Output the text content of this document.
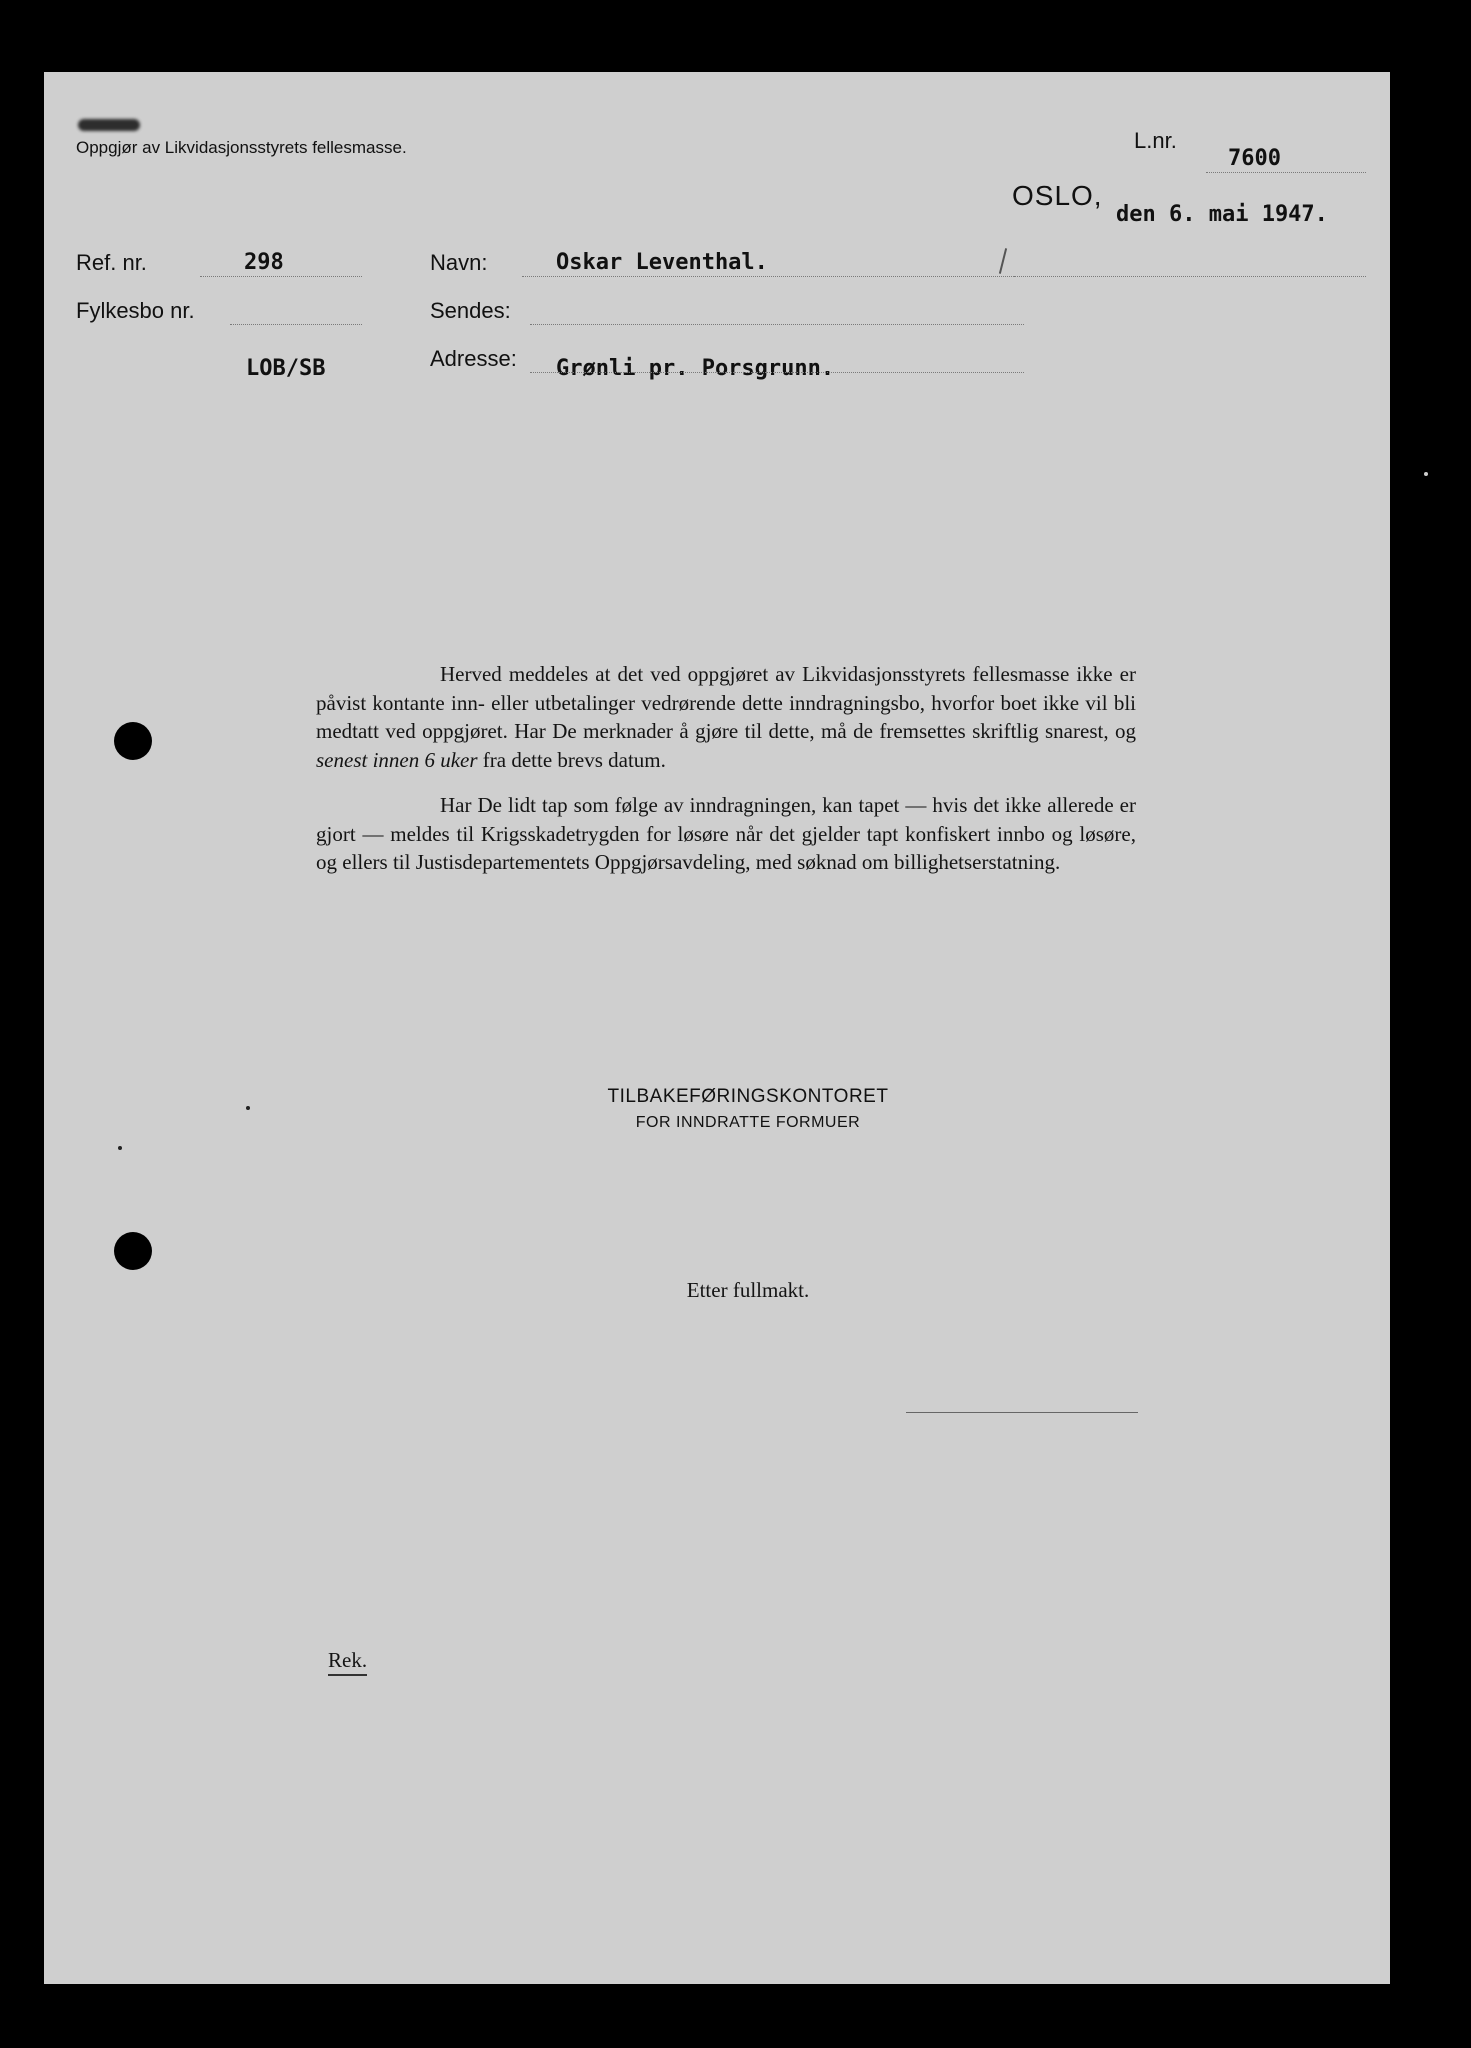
Oppgjør av Likvidasjonsstyrets fellesmasse.	L.nr.
7600
OSLO,
den 6. mai 1947.
Ref. nr.	298
Fylkesbo nr.
LOB/SB
Navn:	Oskar Leventhal.
Sendes:
Adresse: Grønli pr. Porsgrunn.

Herved meddeles at det ved oppgjøret av Likvidasjonsstyrets fellesmasse ikke er påvist kontante inn- eller utbetalinger vedrørende dette inndragningsbo, hvorfor boet ikke vil bli medtatt ved oppgjøret. Har De merknader å gjøre til dette, må de fremsettes skriftlig snarest, og senest innen 6 uker fra dette brevs datum.

Har De lidt tap som følge av inndragningen, kan tapet — hvis det ikke allerede er gjort — meldes til Krigsskadetrygden for løsøre når det gjelder tapt konfiskert innbo og løsøre, og ellers til Justisdepartementets Oppgjørsavdeling, med søknad om billighetserstatning.

TILBAKEFØRINGSKONTORET
FOR INNDRATTE FORMUER
Etter fullmakt.
Rek.
